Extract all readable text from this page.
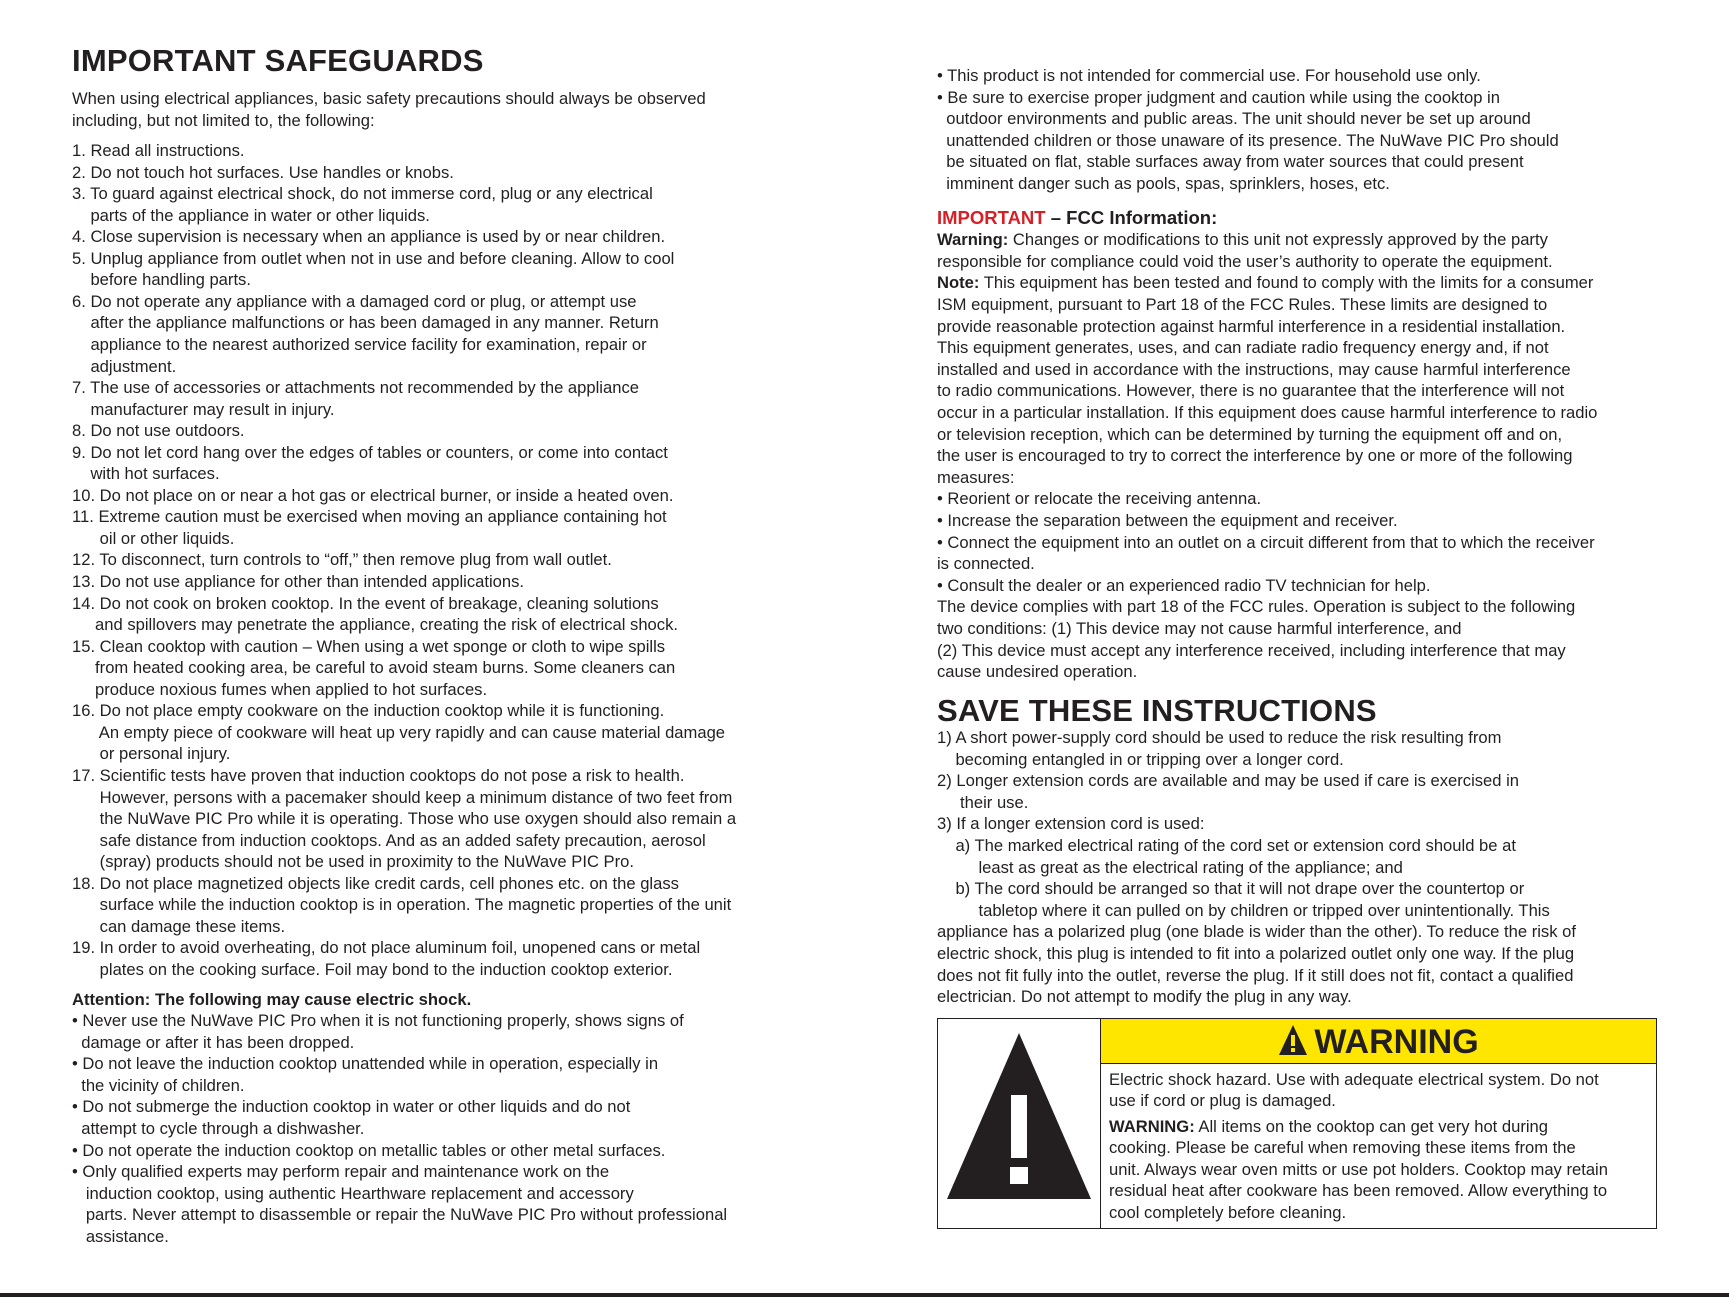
IMPORTANT SAFEGUARDS
When using electrical appliances, basic safety precautions should always be observed
including, but not limited to, the following:
1. Read all instructions.
2. Do not touch hot surfaces. Use handles or knobs.
3. To guard against electrical shock, do not immerse cord, plug or any electrical
parts of the appliance in water or other liquids.
4. Close supervision is necessary when an appliance is used by or near children.
5. Unplug appliance from outlet when not in use and before cleaning. Allow to cool
before handling parts.
6. Do not operate any appliance with a damaged cord or plug, or attempt use
after the appliance malfunctions or has been damaged in any manner. Return
appliance to the nearest authorized service facility for examination, repair or
adjustment.
7. The use of accessories or attachments not recommended by the appliance
manufacturer may result in injury.
8. Do not use outdoors.
9. Do not let cord hang over the edges of tables or counters, or come into contact
with hot surfaces.
10. Do not place on or near a hot gas or electrical burner, or inside a heated oven.
11. Extreme caution must be exercised when moving an appliance containing hot
oil or other liquids.
12. To disconnect, turn controls to “off,” then remove plug from wall outlet.
13. Do not use appliance for other than intended applications.
14. Do not cook on broken cooktop. In the event of breakage, cleaning solutions
and spillovers may penetrate the appliance, creating the risk of electrical shock.
15. Clean cooktop with caution – When using a wet sponge or cloth to wipe spills
from heated cooking area, be careful to avoid steam burns. Some cleaners can
produce noxious fumes when applied to hot surfaces.
16. Do not place empty cookware on the induction cooktop while it is functioning.
An empty piece of cookware will heat up very rapidly and can cause material damage
or personal injury.
17. Scientific tests have proven that induction cooktops do not pose a risk to health.
However, persons with a pacemaker should keep a minimum distance of two feet from
the NuWave PIC Pro while it is operating. Those who use oxygen should also remain a
safe distance from induction cooktops. And as an added safety precaution, aerosol
(spray) products should not be used in proximity to the NuWave PIC Pro.
18. Do not place magnetized objects like credit cards, cell phones etc. on the glass
surface while the induction cooktop is in operation. The magnetic properties of the unit
can damage these items.
19. In order to avoid overheating, do not place aluminum foil, unopened cans or metal
plates on the cooking surface. Foil may bond to the induction cooktop exterior.
Attention: The following may cause electric shock.
• Never use the NuWave PIC Pro when it is not functioning properly, shows signs of
damage or after it has been dropped.
• Do not leave the induction cooktop unattended while in operation, especially in
the vicinity of children.
• Do not submerge the induction cooktop in water or other liquids and do not
attempt to cycle through a dishwasher.
• Do not operate the induction cooktop on metallic tables or other metal surfaces.
• Only qualified experts may perform repair and maintenance work on the
induction cooktop, using authentic Hearthware replacement and accessory
parts. Never attempt to disassemble or repair the NuWave PIC Pro without professional
assistance.
• This product is not intended for commercial use. For household use only.
• Be sure to exercise proper judgment and caution while using the cooktop in
outdoor environments and public areas. The unit should never be set up around
unattended children or those unaware of its presence. The NuWave PIC Pro should
be situated on flat, stable surfaces away from water sources that could present
imminent danger such as pools, spas, sprinklers, hoses, etc.
IMPORTANT – FCC Information:
Warning: Changes or modifications to this unit not expressly approved by the party
responsible for compliance could void the user’s authority to operate the equipment.
Note: This equipment has been tested and found to comply with the limits for a consumer
ISM equipment, pursuant to Part 18 of the FCC Rules. These limits are designed to
provide reasonable protection against harmful interference in a residential installation.
This equipment generates, uses, and can radiate radio frequency energy and, if not
installed and used in accordance with the instructions, may cause harmful interference
to radio communications. However, there is no guarantee that the interference will not
occur in a particular installation. If this equipment does cause harmful interference to radio
or television reception, which can be determined by turning the equipment off and on,
the user is encouraged to try to correct the interference by one or more of the following
measures:
• Reorient or relocate the receiving antenna.
• Increase the separation between the equipment and receiver.
• Connect the equipment into an outlet on a circuit different from that to which the receiver
is connected.
• Consult the dealer or an experienced radio TV technician for help.
The device complies with part 18 of the FCC rules. Operation is subject to the following
two conditions: (1) This device may not cause harmful interference, and
(2) This device must accept any interference received, including interference that may
cause undesired operation.
SAVE THESE INSTRUCTIONS
1) A short power-supply cord should be used to reduce the risk resulting from
becoming entangled in or tripping over a longer cord.
2) Longer extension cords are available and may be used if care is exercised in
their use.
3) If a longer extension cord is used:
a) The marked electrical rating of the cord set or extension cord should be at
least as great as the electrical rating of the appliance; and
b) The cord should be arranged so that it will not drape over the countertop or
tabletop where it can pulled on by children or tripped over unintentionally. This
appliance has a polarized plug (one blade is wider than the other). To reduce the risk of
electric shock, this plug is intended to fit into a polarized outlet only one way. If the plug
does not fit fully into the outlet, reverse the plug. If it still does not fit, contact a qualified
electrician. Do not attempt to modify the plug in any way.
WARNING
Electric shock hazard. Use with adequate electrical system. Do not
use if cord or plug is damaged.
WARNING: All items on the cooktop can get very hot during
cooking. Please be careful when removing these items from the
unit. Always wear oven mitts or use pot holders. Cooktop may retain
residual heat after cookware has been removed. Allow everything to
cool completely before cleaning.
